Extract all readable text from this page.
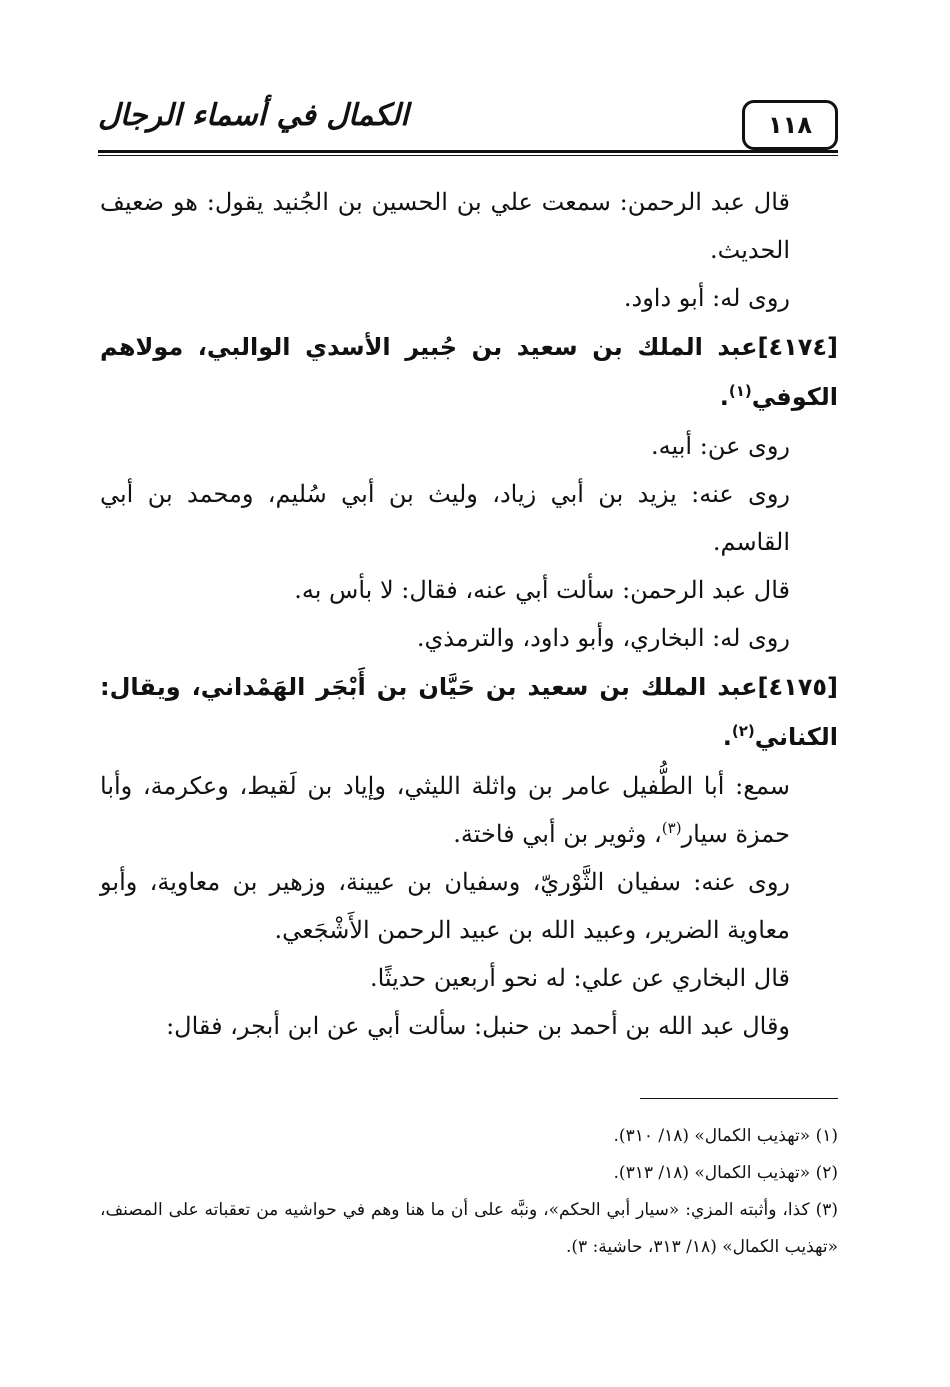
١١٨
الكمال في أسماء الرجال

قال عبد الرحمن: سمعت علي بن الحسين بن الجُنيد يقول: هو ضعيف الحديث.

روى له: أبو داود.

[٤١٧٤]عبد الملك بن سعيد بن جُبير الأسدي الوالبي، مولاهم الكوفي$^{(١)}$.

روى عن: أبيه.

روى عنه: يزيد بن أبي زياد، وليث بن أبي سُليم، ومحمد بن أبي القاسم.

قال عبد الرحمن: سألت أبي عنه، فقال: لا بأس به.

روى له: البخاري، وأبو داود، والترمذي.

[٤١٧٥]عبد الملك بن سعيد بن حَيَّان بن أَبْجَر الهَمْداني، ويقال: الكناني$^{(٢)}$.

سمع: أبا الطُّفيل عامر بن واثلة الليثي، وإياد بن لَقيط، وعكرمة، وأبا حمزة سيار$^{(٣)}$، وثوير بن أبي فاختة.

روى عنه: سفيان الثَّوْريّ، وسفيان بن عيينة، وزهير بن معاوية، وأبو معاوية الضرير، وعبيد الله بن عبيد الرحمن الأَشْجَعي.

قال البخاري عن علي: له نحو أربعين حديثًا.

وقال عبد الله بن أحمد بن حنبل: سألت أبي عن ابن أبجر، فقال:

(١) «تهذيب الكمال» (١٨/ ٣١٠).

(٢) «تهذيب الكمال» (١٨/ ٣١٣).

(٣) كذا، وأثبته المزي: «سيار أبي الحكم»، ونبَّه على أن ما هنا وهم في حواشيه من تعقباته على المصنف، «تهذيب الكمال» (١٨/ ٣١٣، حاشية: ٣).
